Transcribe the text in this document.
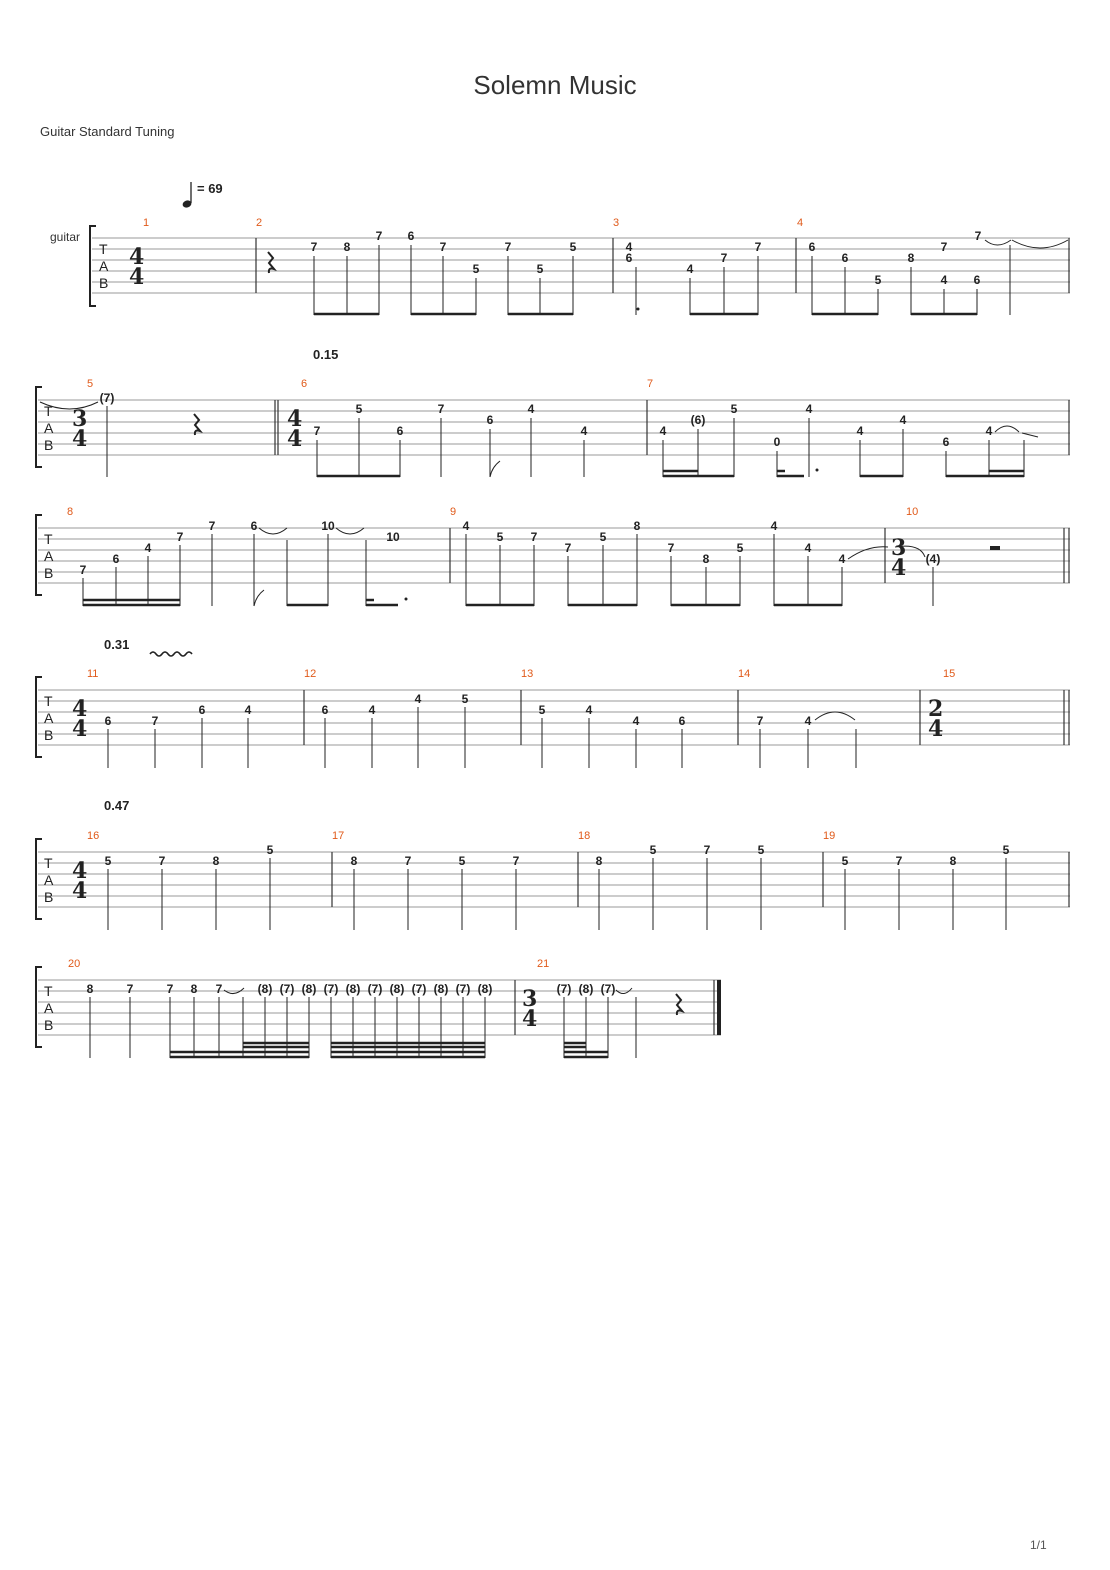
Solemn Music
Guitar Standard Tuning
1/1
= 69
guitar
0.15
0.31
0.47
T
A
B
4
4
1	2	3	4
7 8
7 6
7
5
7
5
5	4
6
4
7
7	6
6
5
8
7
4 6
7
T
A
B
3
4
4
4
5	6	7
(7)
7
5
6
7
6
4
4	4
(6)
5
0
4
4
4
6
4
T
A
B
3
4
8	9	10
7
6
4
7
7	6	10
10
4
5 7
7
5
8
7
8
5
4
4
4	(4)
T
A
B
4
4
2
4
11	12	13	14	15
6	7
6	4	6	4
4	5
5	4
4	6	7	4
T
A
B
4
4
16	17	18	19
5	7	8
5
8	7	5	7	8
5	7	5
5	7	8
5
T
A
B
3
4
20	21
8	7	7 8 7	(8) (7) (8) (7) (8) (7) (8) (7) (8) (7) (8)	(7) (8) (7)
